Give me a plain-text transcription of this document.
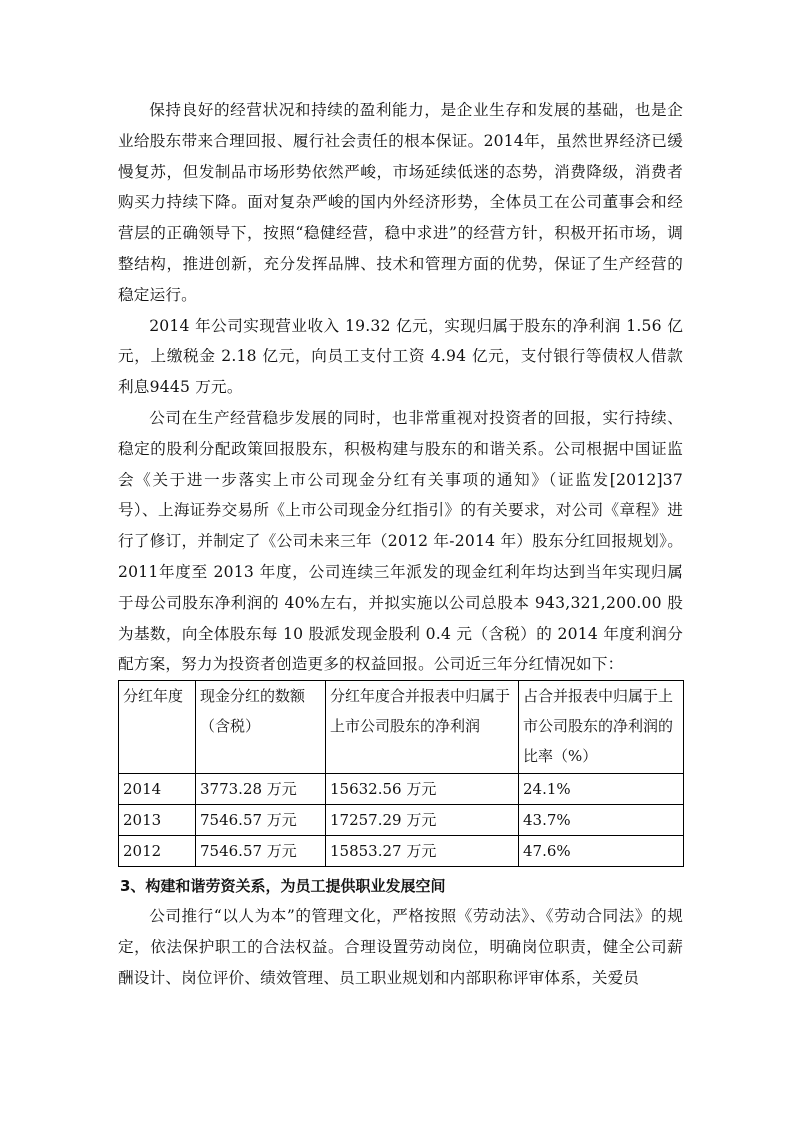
保持良好的经营状况和持续的盈利能力，是企业生存和发展的基础，也是企业给股东带来合理回报、履行社会责任的根本保证。2014年，虽然世界经济已缓慢复苏，但发制品市场形势依然严峻，市场延续低迷的态势，消费降级，消费者购买力持续下降。面对复杂严峻的国内外经济形势，全体员工在公司董事会和经营层的正确领导下，按照“稳健经营，稳中求进”的经营方针，积极开拓市场，调整结构，推进创新，充分发挥品牌、技术和管理方面的优势，保证了生产经营的稳定运行。

2014 年公司实现营业收入 19.32 亿元，实现归属于股东的净利润 1.56 亿元，上缴税金 2.18 亿元，向员工支付工资 4.94 亿元，支付银行等债权人借款利息9445 万元。

公司在生产经营稳步发展的同时，也非常重视对投资者的回报，实行持续、稳定的股利分配政策回报股东，积极构建与股东的和谐关系。公司根据中国证监会《关于进一步落实上市公司现金分红有关事项的通知》（证监发[2012]37 号）、上海证券交易所《上市公司现金分红指引》的有关要求，对公司《章程》进行了修订，并制定了《公司未来三年（2012 年-2014 年）股东分红回报规划》。2011年度至 2013 年度，公司连续三年派发的现金红利年均达到当年实现归属于母公司股东净利润的 40%左右，并拟实施以公司总股本 943,321,200.00 股为基数，向全体股东每 10 股派发现金股利 0.4 元（含税）的 2014 年度利润分配方案，努力为投资者创造更多的权益回报。公司近三年分红情况如下：

分红年度	现金分红的数额（含税）	分红年度合并报表中归属于上市公司股东的净利润	占合并报表中归属于上市公司股东的净利润的比率（%）
2014	3773.28 万元	15632.56 万元	24.1%
2013	7546.57 万元	17257.29 万元	43.7%
2012	7546.57 万元	15853.27 万元	47.6%

3、构建和谐劳资关系，为员工提供职业发展空间

公司推行“以人为本”的管理文化，严格按照《劳动法》、《劳动合同法》的规定，依法保护职工的合法权益。合理设置劳动岗位，明确岗位职责，健全公司薪酬设计、岗位评价、绩效管理、员工职业规划和内部职称评审体系，关爱员
